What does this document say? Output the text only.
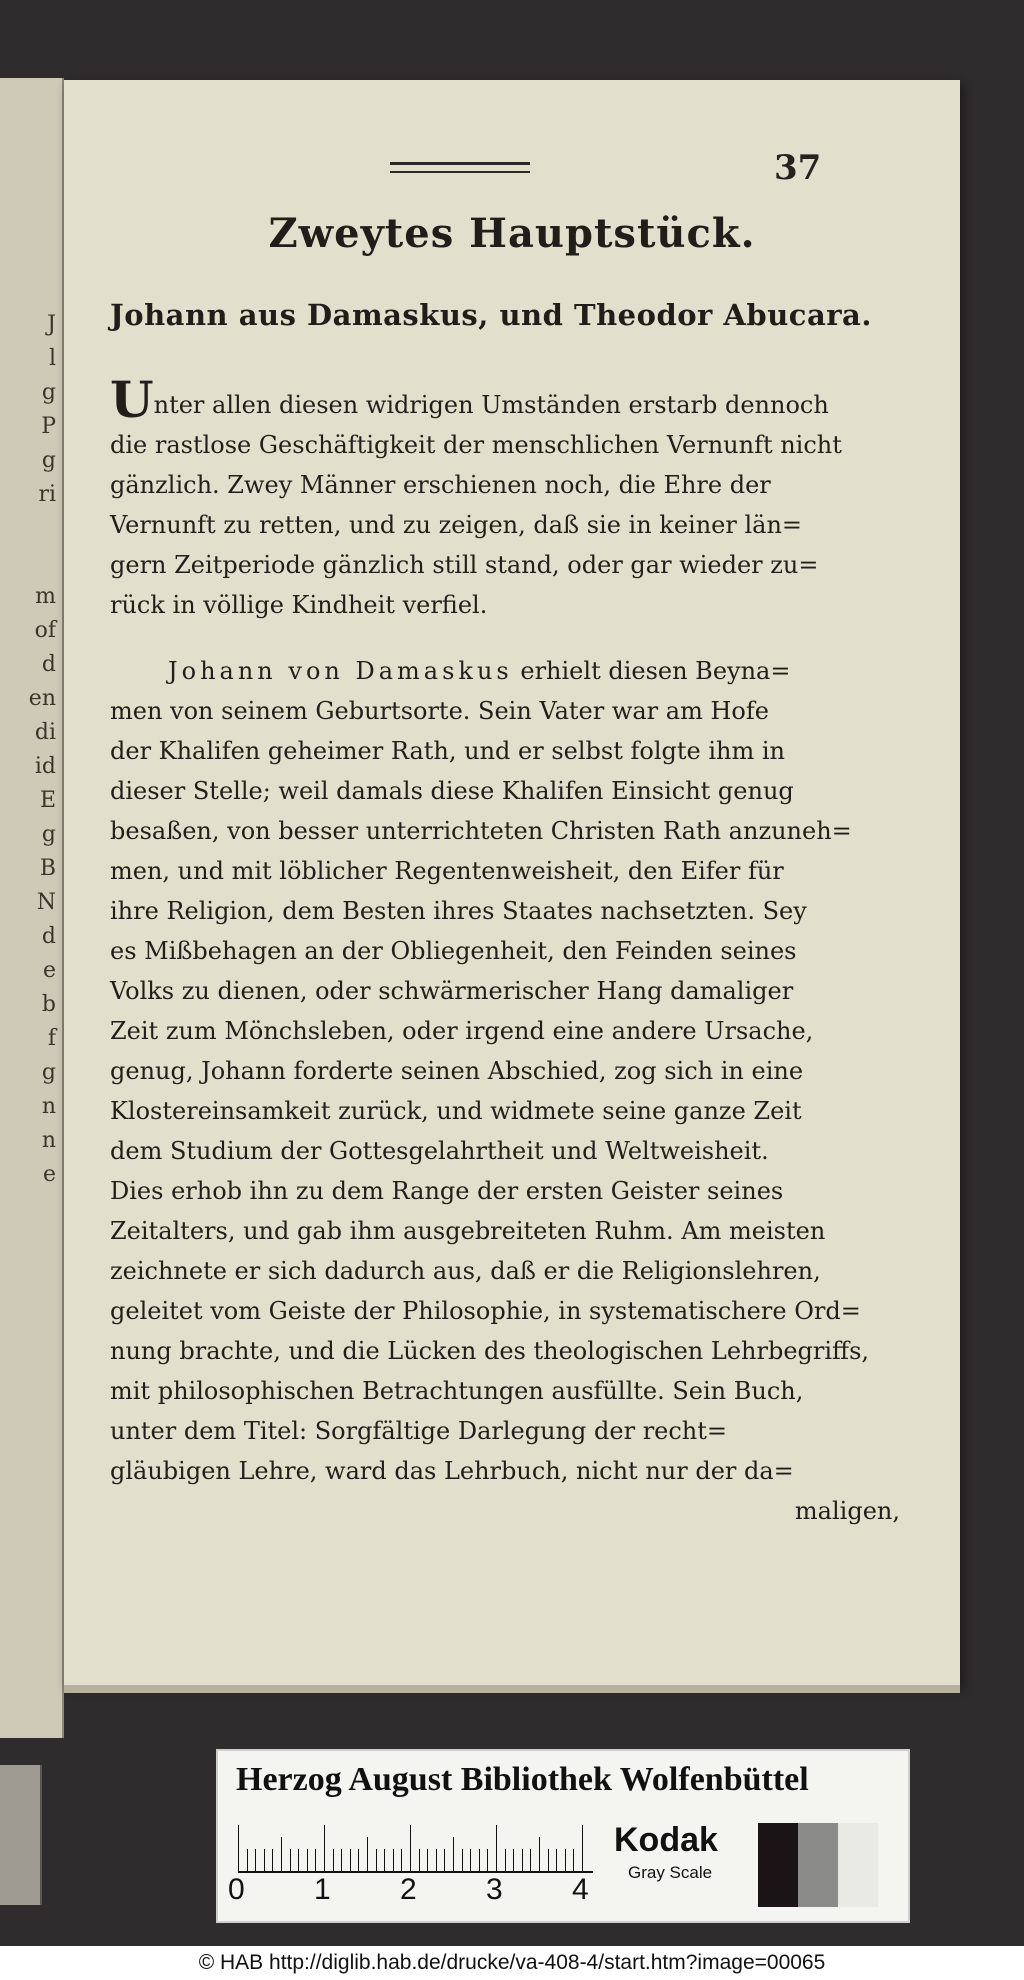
J
l
g
P
g
ri
m
of
d
en
di
id
E
g
B
N
d
e
b
f
g
n
n
e
37
Zweytes Hauptstück.
Johann aus Damaskus, und Theodor Abucara.
Unter allen diesen widrigen Umständen erstarb dennoch
die rastlose Geschäftigkeit der menschlichen Vernunft nicht
gänzlich. Zwey Männer erschienen noch, die Ehre der
Vernunft zu retten, und zu zeigen, daß sie in keiner län=
gern Zeitperiode gänzlich still stand, oder gar wieder zu=
rück in völlige Kindheit verfiel.
Johann von Damaskus erhielt diesen Beyna=
men von seinem Geburtsorte. Sein Vater war am Hofe
der Khalifen geheimer Rath, und er selbst folgte ihm in
dieser Stelle; weil damals diese Khalifen Einsicht genug
besaßen, von besser unterrichteten Christen Rath anzuneh=
men, und mit löblicher Regentenweisheit, den Eifer für
ihre Religion, dem Besten ihres Staates nachsetzten. Sey
es Mißbehagen an der Obliegenheit, den Feinden seines
Volks zu dienen, oder schwärmerischer Hang damaliger
Zeit zum Mönchsleben, oder irgend eine andere Ursache,
genug, Johann forderte seinen Abschied, zog sich in eine
Klostereinsamkeit zurück, und widmete seine ganze Zeit
dem Studium der Gottesgelahrtheit und Weltweisheit.
Dies erhob ihn zu dem Range der ersten Geister seines
Zeitalters, und gab ihm ausgebreiteten Ruhm. Am meisten
zeichnete er sich dadurch aus, daß er die Religionslehren,
geleitet vom Geiste der Philosophie, in systematischere Ord=
nung brachte, und die Lücken des theologischen Lehrbegriffs,
mit philosophischen Betrachtungen ausfüllte. Sein Buch,
unter dem Titel: Sorgfältige Darlegung der recht=
gläubigen Lehre, ward das Lehrbuch, nicht nur der da=
maligen,
Herzog August Bibliothek Wolfenbüttel
0 1 2 3 4
Kodak
Gray Scale
© HAB http://diglib.hab.de/drucke/va-408-4/start.htm?image=00065
